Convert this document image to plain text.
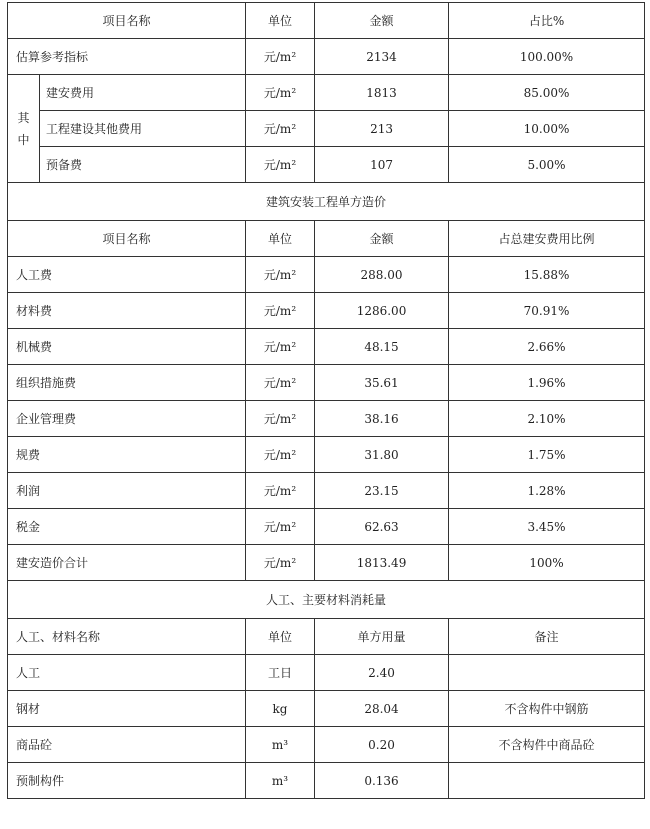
项目名称		单位	金额	占比%
估算参考指标		元/m²	2134	100.00%

其
中	建安费用	元/m²	1813	85.00%
	工程建设其他费用	元/m²	213	10.00%
	预备费	元/m²	107	5.00%
建筑安装工程单方造价				
项目名称		单位	金额	占总建安费用比例
人工费		元/m²	288.00	15.88%
材料费		元/m²	1286.00	70.91%
机械费		元/m²	48.15	2.66%
组织措施费		元/m²	35.61	1.96%
企业管理费		元/m²	38.16	2.10%
规费		元/m²	31.80	1.75%
利润		元/m²	23.15	1.28%
税金		元/m²	62.63	3.45%
建安造价合计		元/m²	1813.49	100%
人工、主要材料消耗量				
人工、材料名称		单位	单方用量	备注
人工		工日	2.40	
钢材		kg	28.04	不含构件中钢筋
商品砼		m³	0.20	不含构件中商品砼
预制构件		m³	0.136	
